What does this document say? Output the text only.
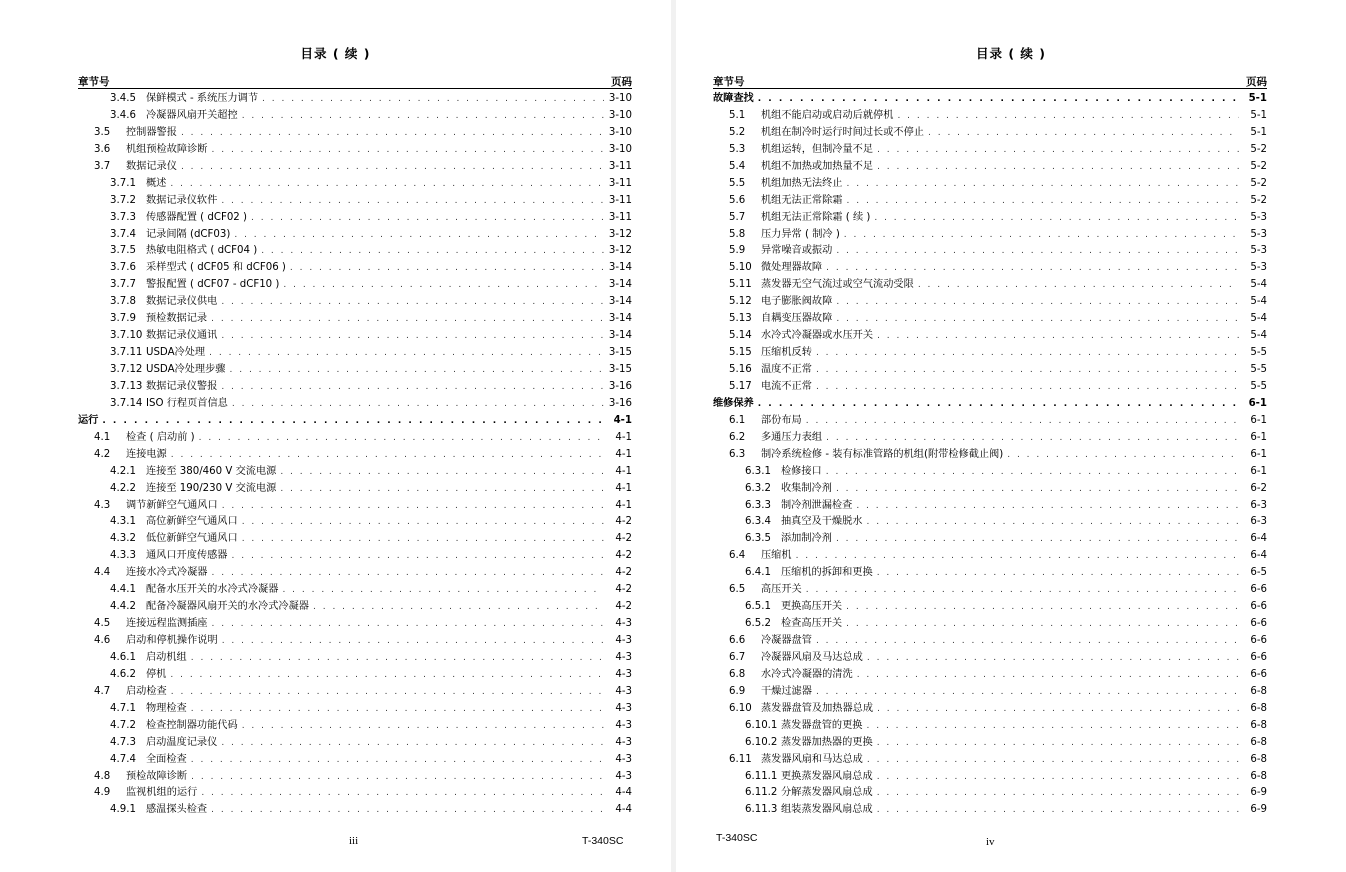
目录 ( 续 )
章节号	页码
3.4.5 保鲜模式 - 系统压力调节 . . .	3-10
3.4.6 冷凝器风扇开关超控 . . .	3-10
3.5	控制器警报 . . .	3-10
3.6	机组预检故障诊断 . . .	3-10
3.7	数据记录仪 . . .	3-11
3.7.1 概述 . . .	3-11
3.7.2 数据记录仪软件 . . .	3-11
3.7.3 传感器配置 ( dCF02 ) . . .	3-11
3.7.4 记录间隔 (dCF03) . . .	3-12
3.7.5 热敏电阻格式 ( dCF04 ) . . .	3-12
3.7.6 采样型式 ( dCF05 和 dCF06 ) . . .	3-14
3.7.7 警报配置 ( dCF07 - dCF10 ) . . .	3-14
3.7.8 数据记录仪供电 . . .	3-14
3.7.9 预检数据记录 . . .	3-14
3.7.10 数据记录仪通讯 . . .	3-14
3.7.11 USDA冷处理 . . .	3-15
3.7.12 USDA冷处理步骤 . . .	3-15
3.7.13 数据记录仪警报 . . .	3-16
3.7.14 ISO 行程页首信息 . . .	3-16
运行 . . .	4-1
4.1	检查 ( 启动前 ) . . .	4-1
4.2	连接电源 . . .	4-1
4.2.1 连接至 380/460 V 交流电源 . . .	4-1
4.2.2 连接至 190/230 V 交流电源 . . .	4-1
4.3	调节新鲜空气通风口 . . .	4-1
4.3.1 高位新鲜空气通风口 . . .	4-2
4.3.2 低位新鲜空气通风口 . . .	4-2
4.3.3 通风口开度传感器 . . .	4-2
4.4	连接水冷式冷凝器 . . .	4-2
4.4.1 配备水压开关的水冷式冷凝器 . . .	4-2
4.4.2 配备冷凝器风扇开关的水冷式冷凝器 . . .	4-2
4.5	连接远程监测插座 . . .	4-3
4.6	启动和停机操作说明 . . .	4-3
4.6.1 启动机组 . . .	4-3
4.6.2 停机 . . .	4-3
4.7	启动检查 . . .	4-3
4.7.1 物理检查 . . .	4-3
4.7.2 检查控制器功能代码 . . .	4-3
4.7.3 启动温度记录仪 . . .	4-3
4.7.4 全面检查 . . .	4-3
4.8	预检故障诊断 . . .	4-3
4.9	监视机组的运行 . . .	4-4
4.9.1 感温探头检查 . . .	4-4
iii	T-340SC
目录 ( 续 )
章节号	页码
故障查找 . . .	5-1
5.1	机组不能启动或启动后就停机 . . .	5-1
5.2	机组在制冷时运行时间过长或不停止 . . .	5-1
5.3	机组运转，但制冷量不足 . . .	5-2
5.4	机组不加热或加热量不足 . . .	5-2
5.5	机组加热无法终止 . . .	5-2
5.6	机组无法正常除霜 . . .	5-2
5.7	机组无法正常除霜 ( 续 ) . . .	5-3
5.8	压力异常 ( 制冷 ) . . .	5-3
5.9	异常噪音或振动 . . .	5-3
5.10 微处理器故障 . . .	5-3
5.11 蒸发器无空气流过或空气流动受限 . . .	5-4
5.12 电子膨胀阀故障 . . .	5-4
5.13 自耦变压器故障 . . .	5-4
5.14 水冷式冷凝器或水压开关 . . .	5-4
5.15 压缩机反转 . . .	5-5
5.16 温度不正常 . . .	5-5
5.17 电流不正常 . . .	5-5
维修保养 . . .	6-1
6.1	部份布局 . . .	6-1
6.2	多通压力表组 . . .	6-1
6.3	制冷系统检修 - 装有标准管路的机组(附带检修截止阀) . . .	6-1
6.3.1 检修接口 . . .	6-1
6.3.2 收集制冷剂 . . .	6-2
6.3.3 制冷剂泄漏检查 . . .	6-3
6.3.4 抽真空及干燥脱水 . . .	6-3
6.3.5 添加制冷剂 . . .	6-4
6.4	压缩机 . . .	6-4
6.4.1 压缩机的拆卸和更换 . . .	6-5
6.5	高压开关 . . .	6-6
6.5.1 更换高压开关 . . .	6-6
6.5.2 检查高压开关 . . .	6-6
6.6	冷凝器盘管 . . .	6-6
6.7	冷凝器风扇及马达总成 . . .	6-6
6.8	水冷式冷凝器的清洗 . . .	6-6
6.9	干燥过滤器 . . .	6-8
6.10 蒸发器盘管及加热器总成 . . .	6-8
6.10.1 蒸发器盘管的更换 . . .	6-8
6.10.2 蒸发器加热器的更换 . . .	6-8
6.11 蒸发器风扇和马达总成 . . .	6-8
6.11.1 更换蒸发器风扇总成 . . .	6-8
6.11.2 分解蒸发器风扇总成 . . .	6-9
6.11.3 组装蒸发器风扇总成 . . .	6-9
T-340SC	iv
